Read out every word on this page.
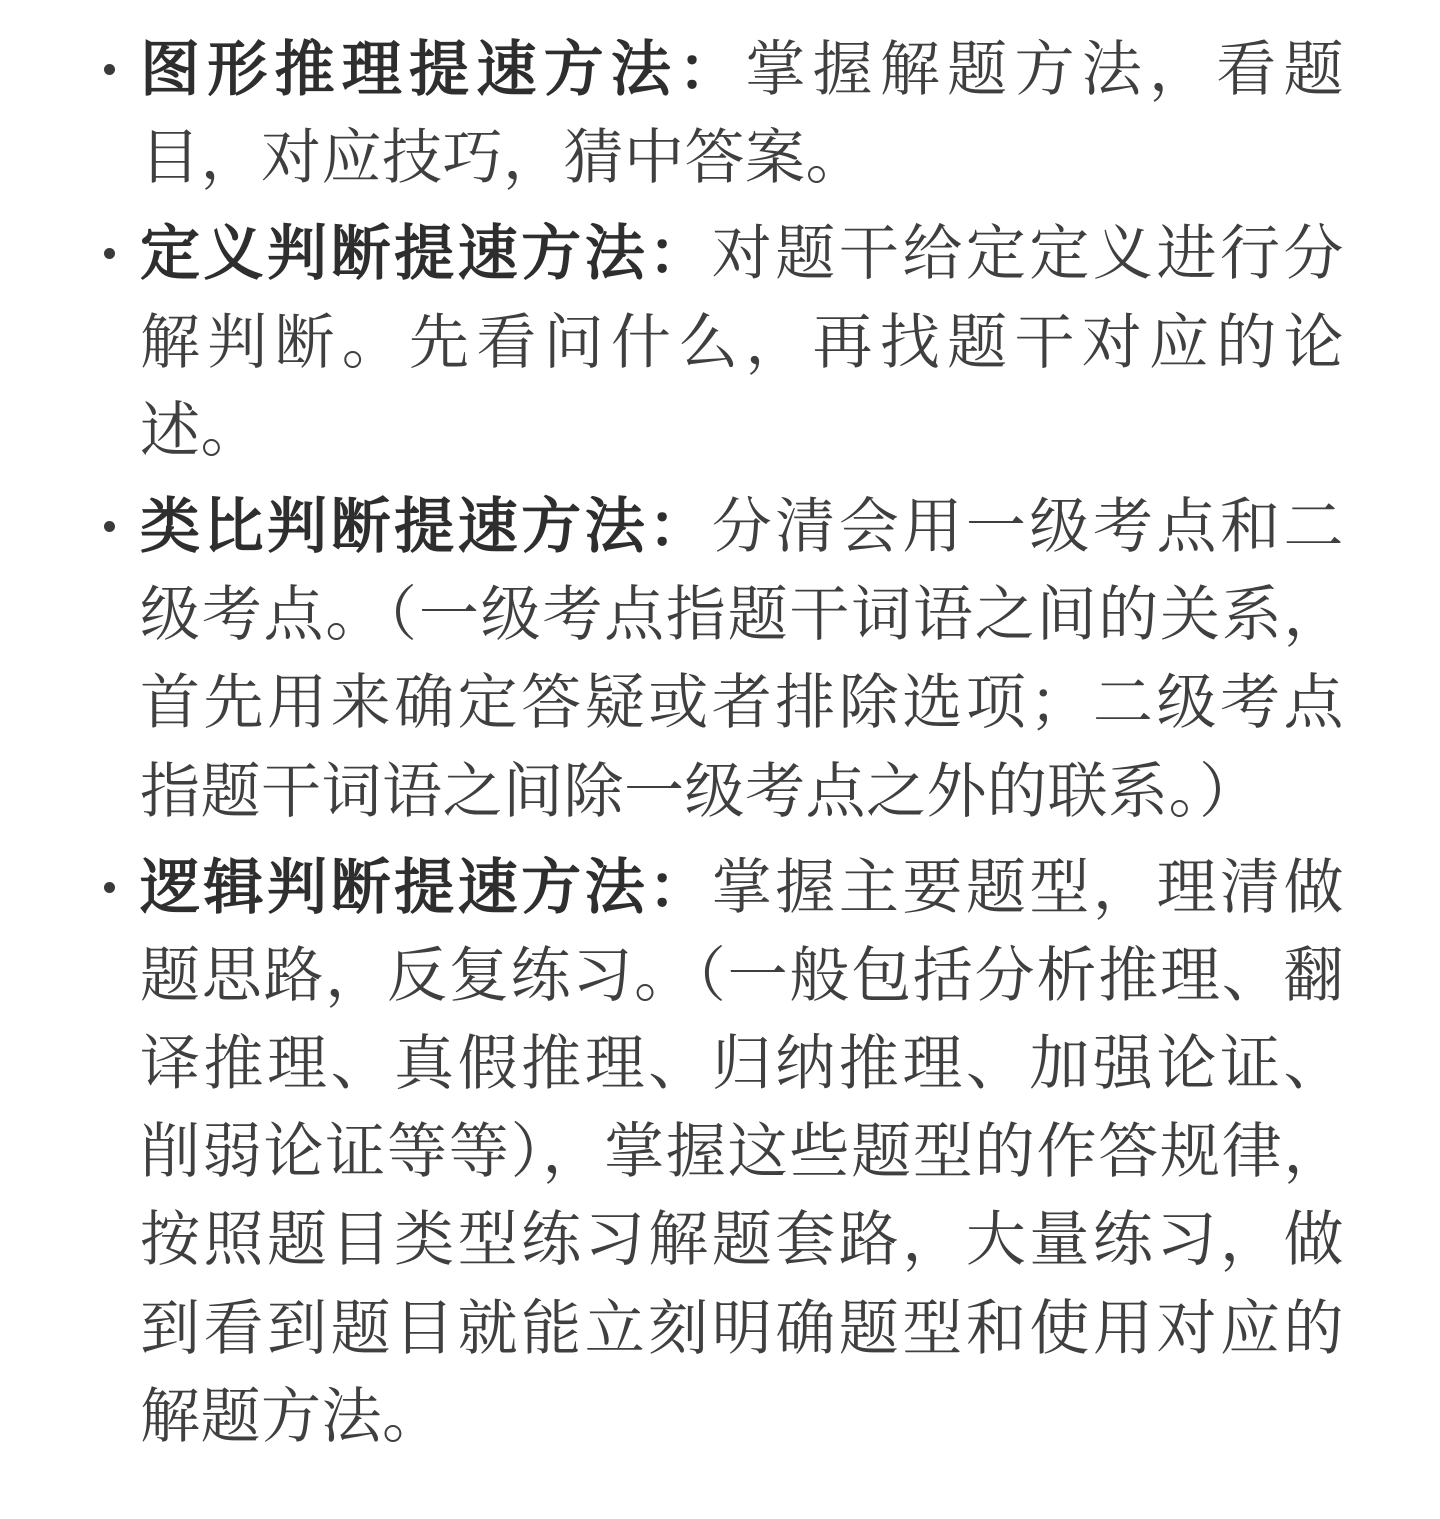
图形推理提速方法：掌握解题方法，看题目，对应技巧，猜中答案。
定义判断提速方法：对题干给定定义进行分解判断。先看问什么，再找题干对应的论述。
类比判断提速方法：分清会用一级考点和二级考点。（一级考点指题干词语之间的关系，首先用来确定答疑或者排除选项；二级考点指题干词语之间除一级考点之外的联系。）
逻辑判断提速方法：掌握主要题型，理清做题思路，反复练习。（一般包括分析推理、翻译推理、真假推理、归纳推理、加强论证、削弱论证等等），掌握这些题型的作答规律，按照题目类型练习解题套路，大量练习，做到看到题目就能立刻明确题型和使用对应的解题方法。
